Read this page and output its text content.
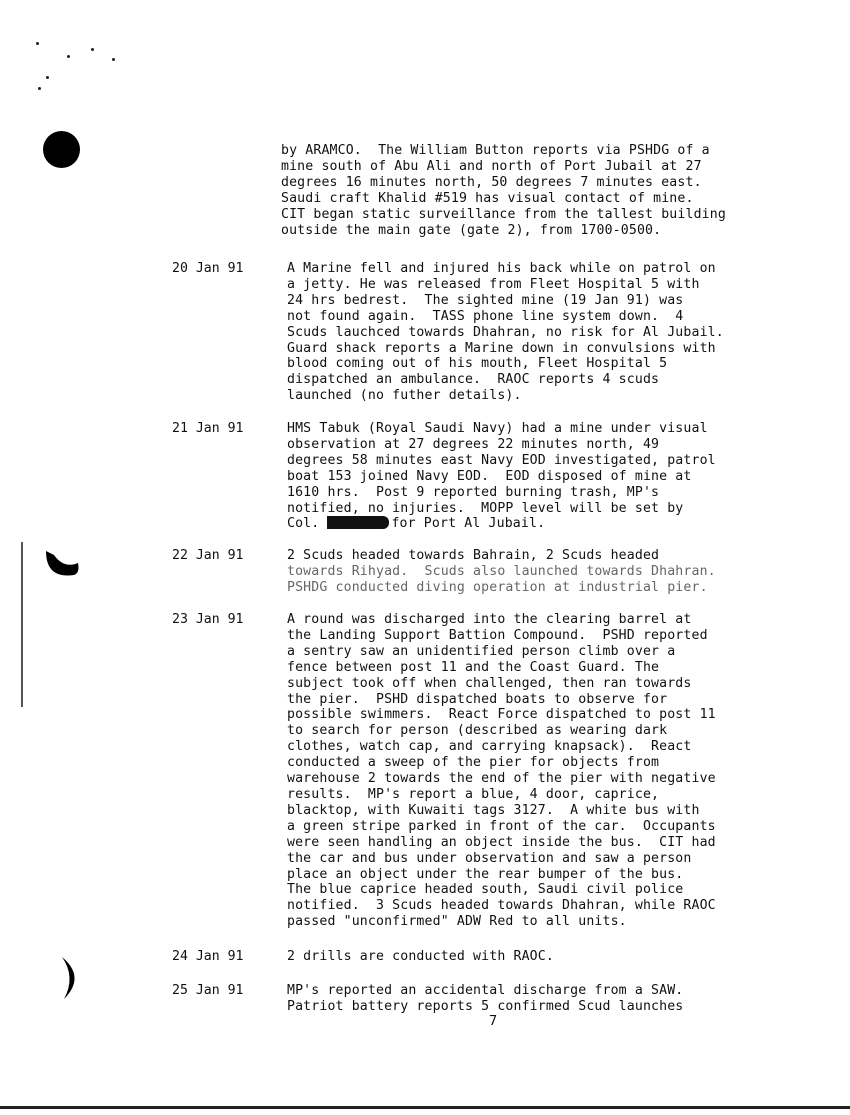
by ARAMCO.  The William Button reports via PSHDG of a
mine south of Abu Ali and north of Port Jubail at 27
degrees 16 minutes north, 50 degrees 7 minutes east.
Saudi craft Khalid #519 has visual contact of mine.
CIT began static surveillance from the tallest building
outside the main gate (gate 2), from 1700-0500.
20 Jan 91	A Marine fell and injured his back while on patrol on
a jetty. He was released from Fleet Hospital 5 with
24 hrs bedrest.  The sighted mine (19 Jan 91) was
not found again.  TASS phone line system down.  4
Scuds lauchced towards Dhahran, no risk for Al Jubail.
Guard shack reports a Marine down in convulsions with
blood coming out of his mouth, Fleet Hospital 5
dispatched an ambulance.  RAOC reports 4 scuds
launched (no futher details).
21 Jan 91	HMS Tabuk (Royal Saudi Navy) had a mine under visual
observation at 27 degrees 22 minutes north, 49
degrees 58 minutes east Navy EOD investigated, patrol
boat 153 joined Navy EOD.  EOD disposed of mine at
1610 hrs.  Post 9 reported burning trash, MP's
notified, no injuries.  MOPP level will be set by
Col.	for Port Al Jubail.
22 Jan 91	2 Scuds headed towards Bahrain, 2 Scuds headed
towards Rihyad.  Scuds also launched towards Dhahran.
PSHDG conducted diving operation at industrial pier.
23 Jan 91	A round was discharged into the clearing barrel at
the Landing Support Battion Compound.  PSHD reported
a sentry saw an unidentified person climb over a
fence between post 11 and the Coast Guard. The
subject took off when challenged, then ran towards
the pier.  PSHD dispatched boats to observe for
possible swimmers.  React Force dispatched to post 11
to search for person (described as wearing dark
clothes, watch cap, and carrying knapsack).  React
conducted a sweep of the pier for objects from
warehouse 2 towards the end of the pier with negative
results.  MP's report a blue, 4 door, caprice,
blacktop, with Kuwaiti tags 3127.  A white bus with
a green stripe parked in front of the car.  Occupants
were seen handling an object inside the bus.  CIT had
the car and bus under observation and saw a person
place an object under the rear bumper of the bus.
The blue caprice headed south, Saudi civil police
notified.  3 Scuds headed towards Dhahran, while RAOC
passed "unconfirmed" ADW Red to all units.
24 Jan 91	2 drills are conducted with RAOC.
25 Jan 91	MP's reported an accidental discharge from a SAW.
Patriot battery reports 5 confirmed Scud launches
7
